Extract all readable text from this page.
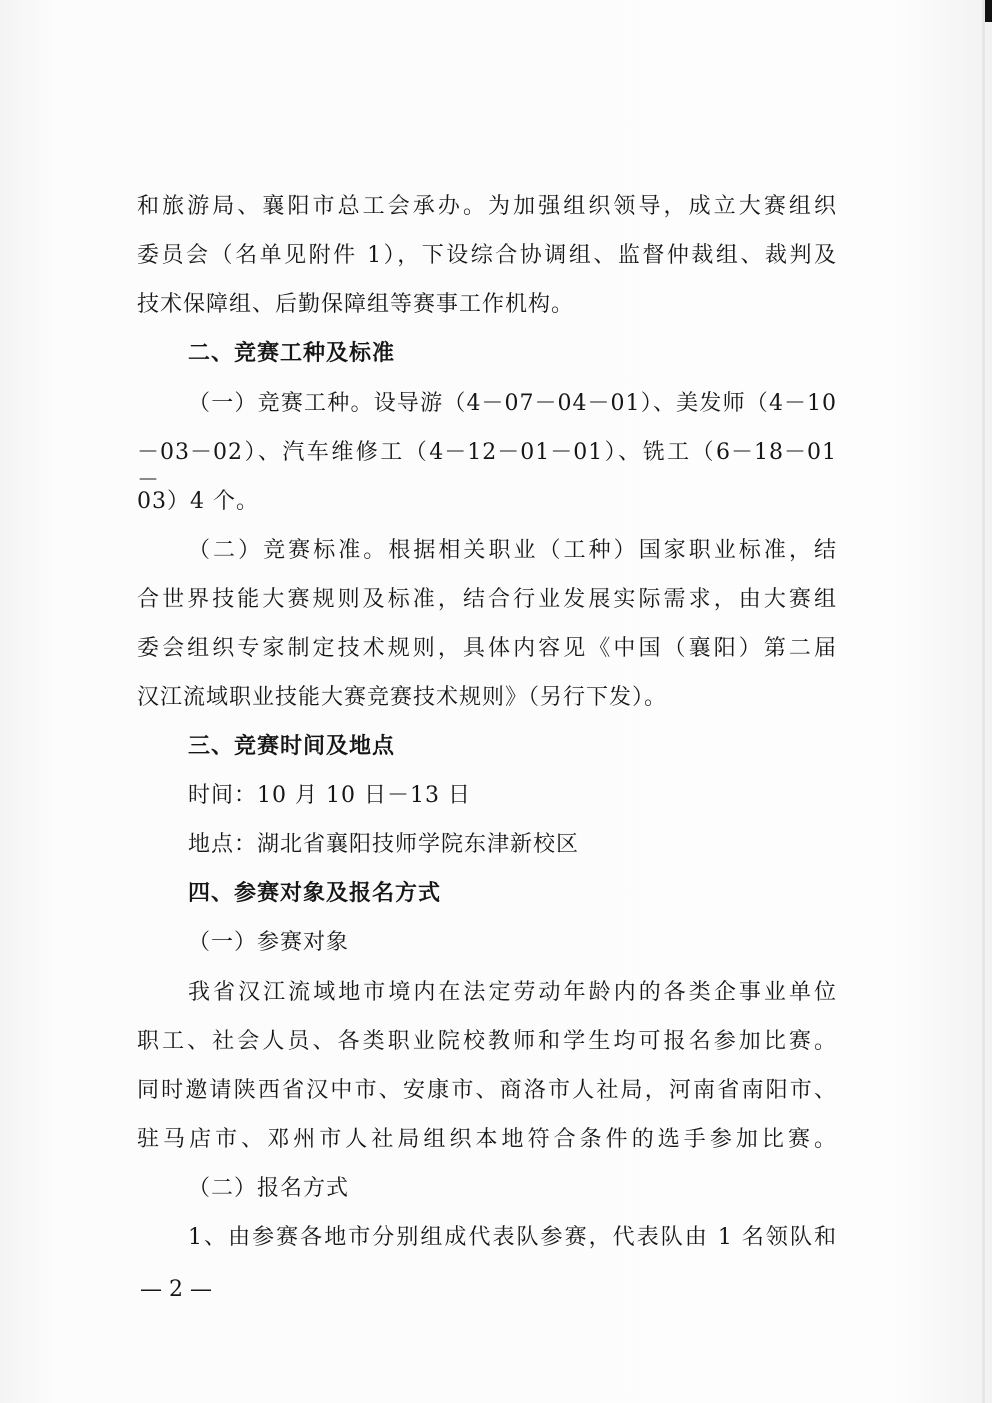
和旅游局、襄阳市总工会承办。为加强组织领导，成立大赛组织
委员会（名单见附件 1），下设综合协调组、监督仲裁组、裁判及
技术保障组、后勤保障组等赛事工作机构。
二、竞赛工种及标准
（一）竞赛工种。设导游（4－07－04－01）、美发师（4－10
－03－02）、汽车维修工（4－12－01－01）、铣工（6－18－01－
03）4 个。
（二）竞赛标准。根据相关职业（工种）国家职业标准，结
合世界技能大赛规则及标准，结合行业发展实际需求，由大赛组
委会组织专家制定技术规则，具体内容见《中国（襄阳）第二届
汉江流域职业技能大赛竞赛技术规则》（另行下发）。
三、竞赛时间及地点
时间：10 月 10 日－13 日
地点：湖北省襄阳技师学院东津新校区
四、参赛对象及报名方式
（一）参赛对象
我省汉江流域地市境内在法定劳动年龄内的各类企事业单位
职工、社会人员、各类职业院校教师和学生均可报名参加比赛。
同时邀请陕西省汉中市、安康市、商洛市人社局，河南省南阳市、
驻马店市、邓州市人社局组织本地符合条件的选手参加比赛。
（二）报名方式
1、由参赛各地市分别组成代表队参赛，代表队由 1 名领队和
— 2 —
